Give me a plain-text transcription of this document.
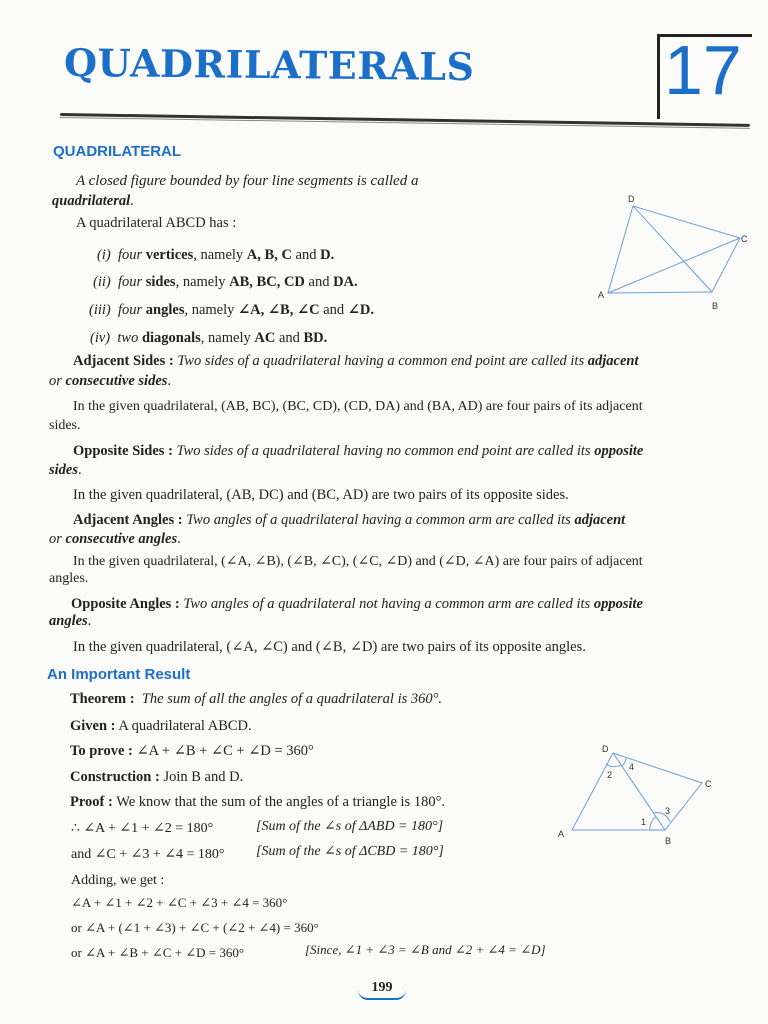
QUADRILATERALS	17
QUADRILATERAL
A closed figure bounded by four line segments is called a
quadrilateral.
A quadrilateral ABCD has :
(i) four vertices, namely A, B, C and D.
(ii) four sides, namely AB, BC, CD and DA.
(iii) four angles, namely ∠A, ∠B, ∠C and ∠D.
(iv) two diagonals, namely AC and BD.
D
C
B
A
Adjacent Sides : Two sides of a quadrilateral having a common end point are called its adjacent
or consecutive sides.
In the given quadrilateral, (AB, BC), (BC, CD), (CD, DA) and (BA, AD) are four pairs of its adjacent
sides.
Opposite Sides : Two sides of a quadrilateral having no common end point are called its opposite
sides.
In the given quadrilateral, (AB, DC) and (BC, AD) are two pairs of its opposite sides.
Adjacent Angles : Two angles of a quadrilateral having a common arm are called its adjacent
or consecutive angles.
In the given quadrilateral, (∠A, ∠B), (∠B, ∠C), (∠C, ∠D) and (∠D, ∠A) are four pairs of adjacent
angles.
Opposite Angles : Two angles of a quadrilateral not having a common arm are called its opposite
angles.
In the given quadrilateral, (∠A, ∠C) and (∠B, ∠D) are two pairs of its opposite angles.
An Important Result
Theorem : The sum of all the angles of a quadrilateral is 360°.
Given : A quadrilateral ABCD.
To prove : ∠A + ∠B + ∠C + ∠D = 360°
Construction : Join B and D.
Proof : We know that the sum of the angles of a triangle is 180°.
∴ ∠A + ∠1 + ∠2 = 180°	[Sum of the ∠s of ΔABD = 180°]
and ∠C + ∠3 + ∠4 = 180° [Sum of the ∠s of ΔCBD = 180°]
Adding, we get :
∠A + ∠1 + ∠2 + ∠C + ∠3 + ∠4 = 360°
or ∠A + (∠1 + ∠3) + ∠C + (∠2 + ∠4) = 360°
or ∠A + ∠B + ∠C + ∠D = 360°	[Since, ∠1 + ∠3 = ∠B and ∠2 + ∠4 = ∠D]
D
C
B
A
2
4
1
3
199
